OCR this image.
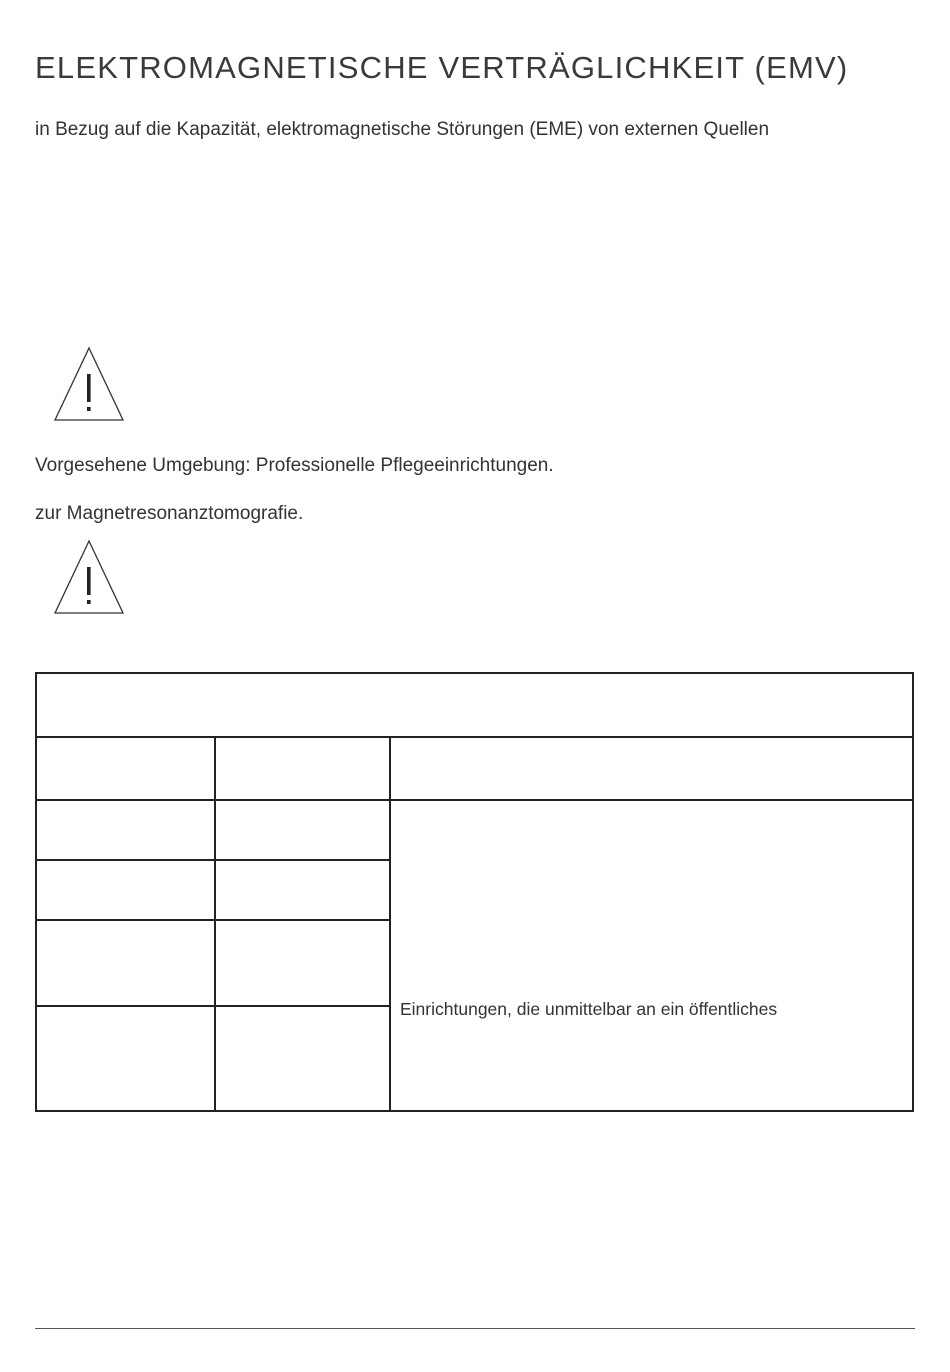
ELEKTROMAGNETISCHE VERTRÄGLICHKEIT (EMV)

in Bezug auf die Kapazität, elektromagnetische Störungen (EME) von externen Quellen

Vorgesehene Umgebung: Professionelle Pflegeeinrichtungen.

zur Magnetresonanztomografie.

Einrichtungen, die unmittelbar an ein öffentliches
